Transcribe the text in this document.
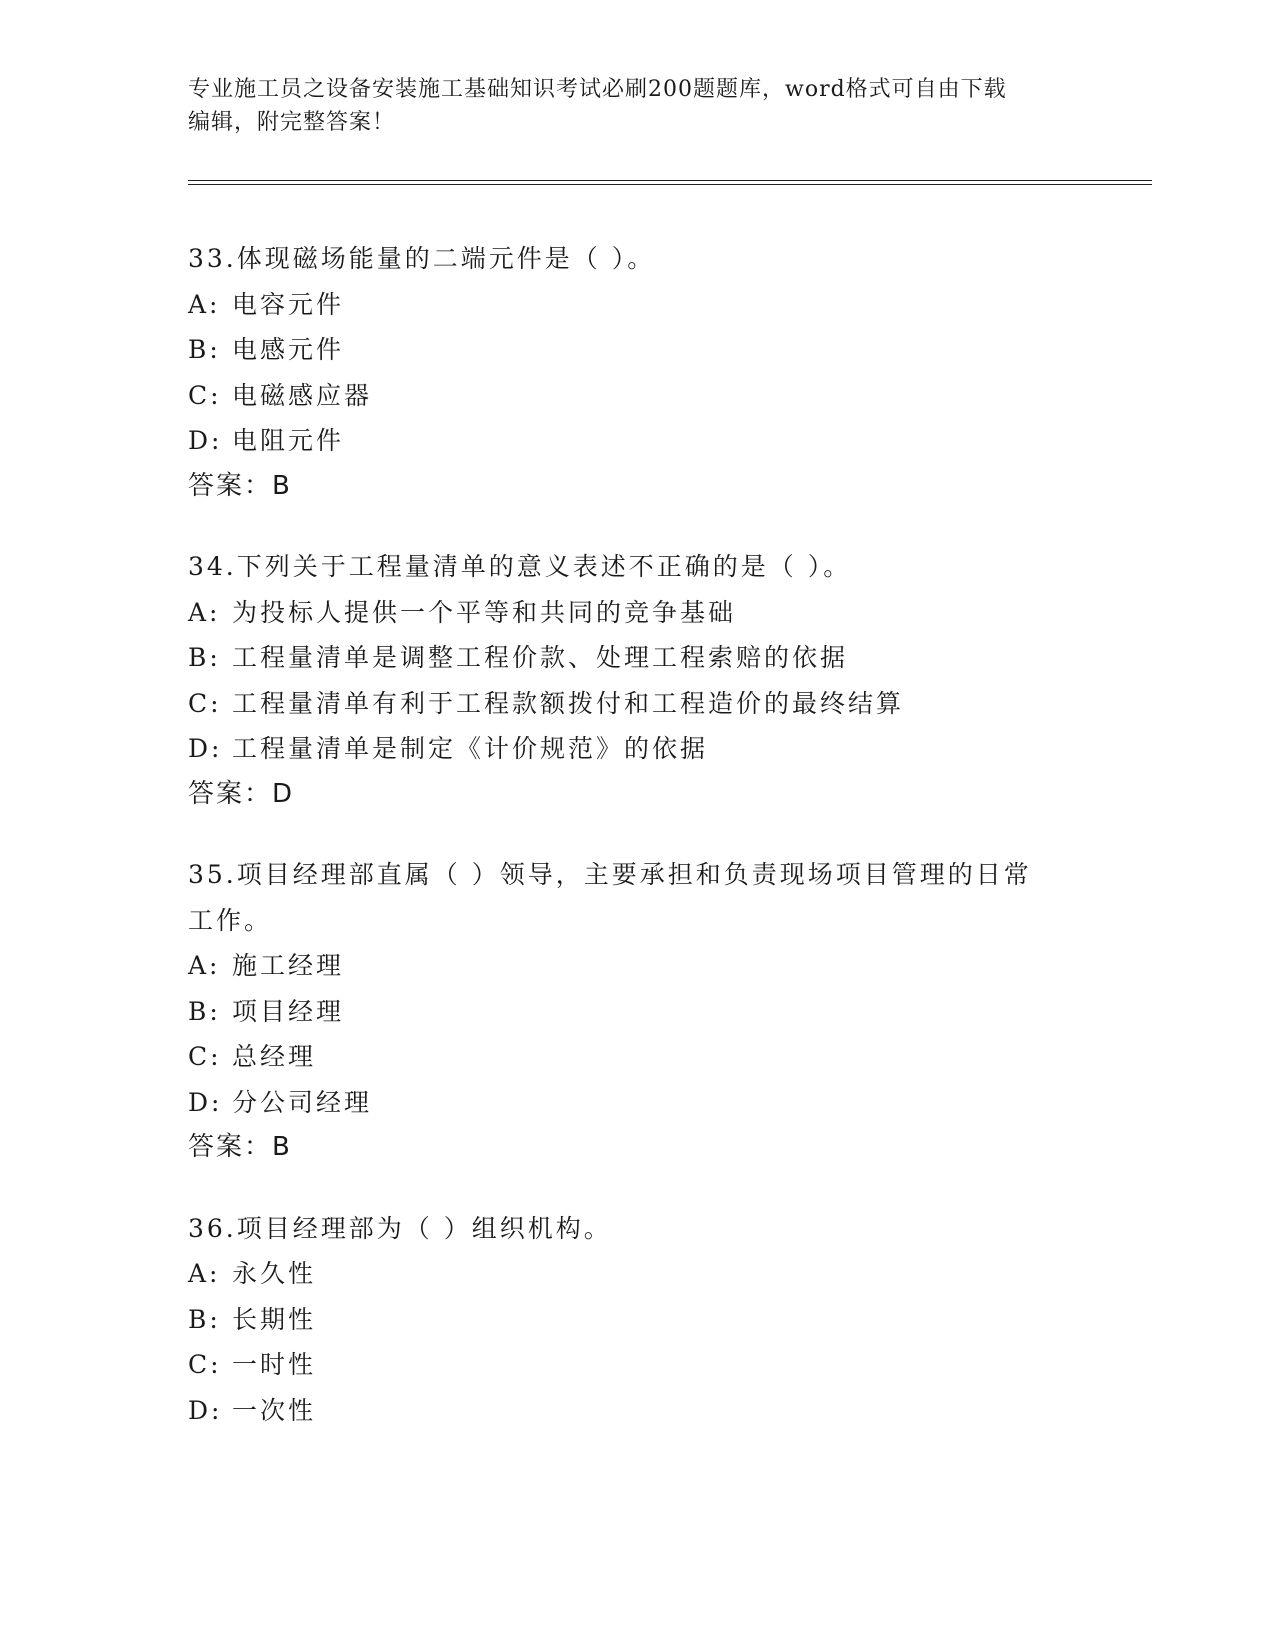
专业施工员之设备安装施工基础知识考试必刷200题题库，word格式可自由下载
编辑，附完整答案！
33.体现磁场能量的二端元件是（ ）。
A: 电容元件
B: 电感元件
C: 电磁感应器
D: 电阻元件
答案：B
34.下列关于工程量清单的意义表述不正确的是（ ）。
A: 为投标人提供一个平等和共同的竞争基础
B: 工程量清单是调整工程价款、处理工程索赔的依据
C: 工程量清单有利于工程款额拨付和工程造价的最终结算
D: 工程量清单是制定《计价规范》的依据
答案：D
35.项目经理部直属（ ）领导，主要承担和负责现场项目管理的日常工作。
A: 施工经理
B: 项目经理
C: 总经理
D: 分公司经理
答案：B
36.项目经理部为（ ）组织机构。
A: 永久性
B: 长期性
C: 一时性
D: 一次性
